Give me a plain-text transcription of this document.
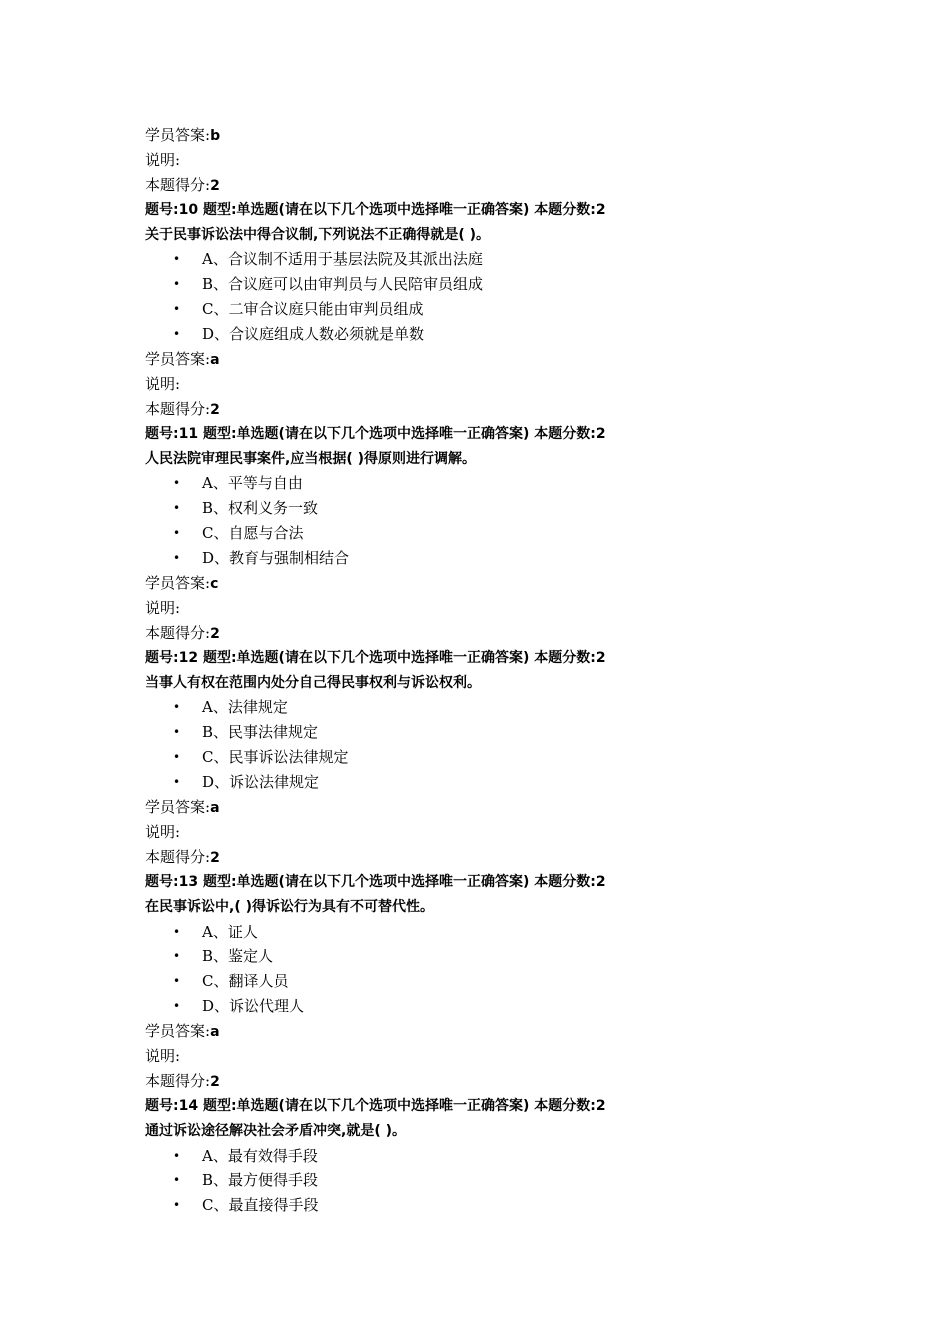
学员答案:b
说明:
本题得分:2
题号:10 题型:单选题(请在以下几个选项中选择唯一正确答案) 本题分数:2
关于民事诉讼法中得合议制,下列说法不正确得就是( )。
• A、合议制不适用于基层法院及其派出法庭
• B、合议庭可以由审判员与人民陪审员组成
• C、二审合议庭只能由审判员组成
• D、合议庭组成人数必须就是单数
学员答案:a
说明:
本题得分:2
题号:11 题型:单选题(请在以下几个选项中选择唯一正确答案) 本题分数:2
人民法院审理民事案件,应当根据( )得原则进行调解。
• A、平等与自由
• B、权利义务一致
• C、自愿与合法
• D、教育与强制相结合
学员答案:c
说明:
本题得分:2
题号:12 题型:单选题(请在以下几个选项中选择唯一正确答案) 本题分数:2
当事人有权在范围内处分自己得民事权利与诉讼权利。
• A、法律规定
• B、民事法律规定
• C、民事诉讼法律规定
• D、诉讼法律规定
学员答案:a
说明:
本题得分:2
题号:13 题型:单选题(请在以下几个选项中选择唯一正确答案) 本题分数:2
在民事诉讼中,( )得诉讼行为具有不可替代性。
• A、证人
• B、鉴定人
• C、翻译人员
• D、诉讼代理人
学员答案:a
说明:
本题得分:2
题号:14 题型:单选题(请在以下几个选项中选择唯一正确答案) 本题分数:2
通过诉讼途径解决社会矛盾冲突,就是( )。
• A、最有效得手段
• B、最方便得手段
• C、最直接得手段
